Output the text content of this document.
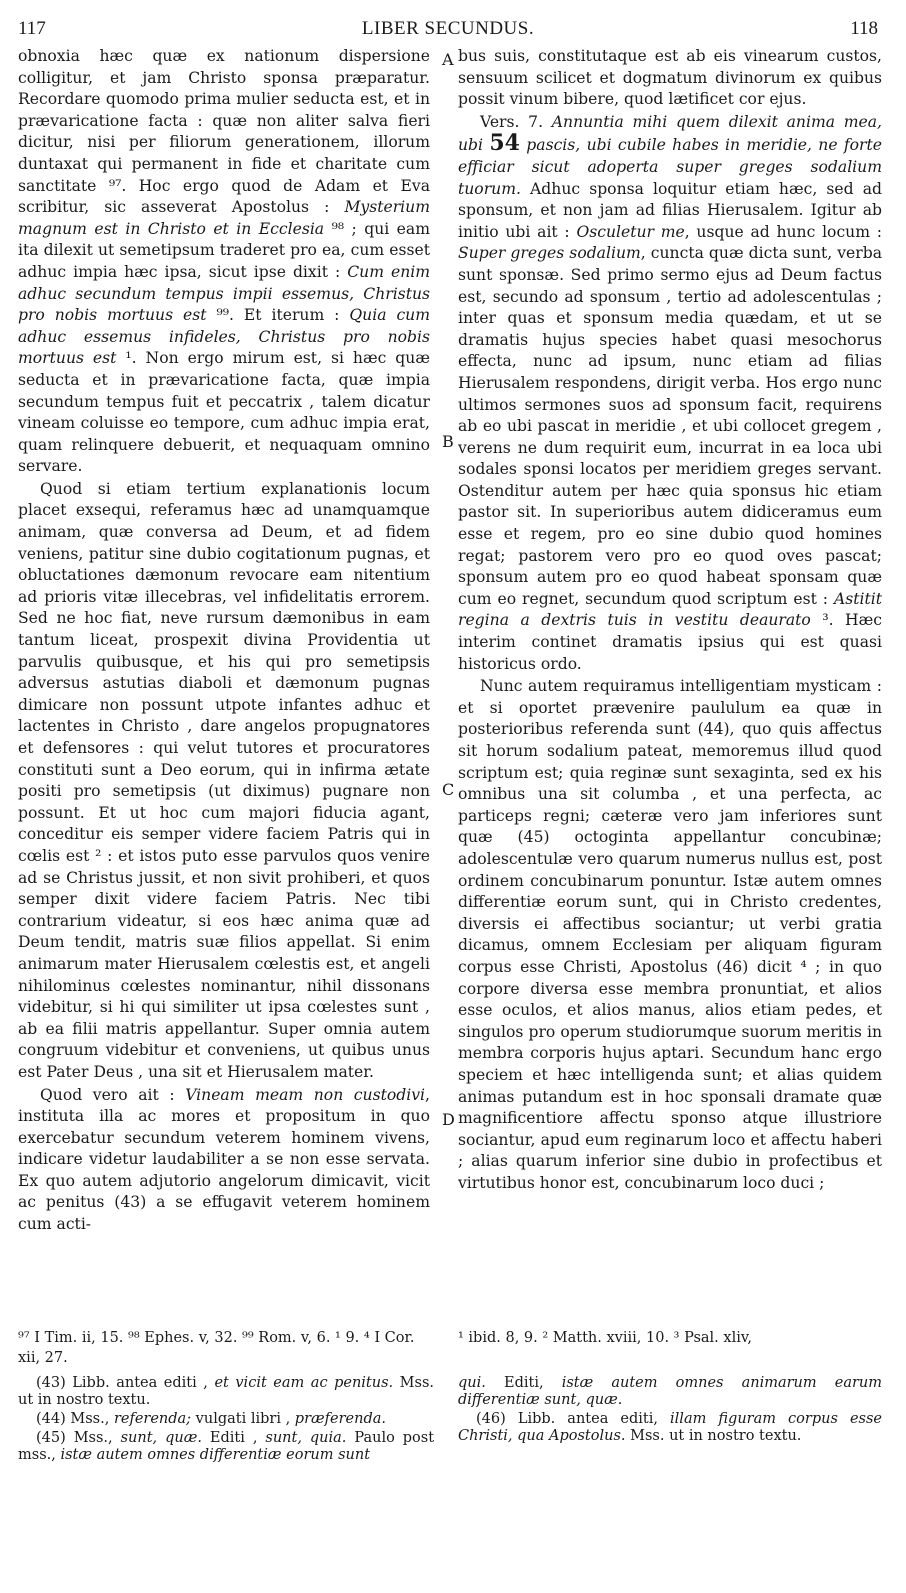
117	LIBER SECUNDUS.	118
A
B
C
D

obnoxia hæc quæ ex nationum dispersione colligitur, et jam Christo sponsa præparatur. Recordare quomodo prima mulier seducta est, et in prævaricatione facta : quæ non aliter salva fieri dicitur, nisi per filiorum generationem, illorum duntaxat qui permanent in fide et charitate cum sanctitate ⁹⁷. Hoc ergo quod de Adam et Eva scribitur, sic asseverat Apostolus : Mysterium magnum est in Christo et in Ecclesia ⁹⁸ ; qui eam ita dilexit ut semetipsum traderet pro ea, cum esset adhuc impia hæc ipsa, sicut ipse dixit : Cum enim adhuc secundum tempus impii essemus, Christus pro nobis mortuus est ⁹⁹. Et iterum : Quia cum adhuc essemus infideles, Christus pro nobis mortuus est ¹. Non ergo mirum est, si hæc quæ seducta et in prævaricatione facta, quæ impia secundum tempus fuit et peccatrix , talem dicatur vineam coluisse eo tempore, cum adhuc impia erat, quam relinquere debuerit, et nequaquam omnino servare.

Quod si etiam tertium explanationis locum placet exsequi, referamus hæc ad unamquamque animam, quæ conversa ad Deum, et ad fidem veniens, patitur sine dubio cogitationum pugnas, et obluctationes dæmonum revocare eam nitentium ad prioris vitæ illecebras, vel infidelitatis errorem. Sed ne hoc fiat, neve rursum dæmonibus in eam tantum liceat, prospexit divina Providentia ut parvulis quibusque, et his qui pro semetipsis adversus astutias diaboli et dæmonum pugnas dimicare non possunt utpote infantes adhuc et lactentes in Christo , dare angelos propugnatores et defensores : qui velut tutores et procuratores constituti sunt a Deo eorum, qui in infirma ætate positi pro semetipsis (ut diximus) pugnare non possunt. Et ut hoc cum majori fiducia agant, conceditur eis semper videre faciem Patris qui in cœlis est ² : et istos puto esse parvulos quos venire ad se Christus jussit, et non sivit prohiberi, et quos semper dixit videre faciem Patris. Nec tibi contrarium videatur, si eos hæc anima quæ ad Deum tendit, matris suæ filios appellat. Si enim animarum mater Hierusalem cœlestis est, et angeli nihilominus cœlestes nominantur, nihil dissonans videbitur, si hi qui similiter ut ipsa cœlestes sunt , ab ea filii matris appellantur. Super omnia autem congruum videbitur et conveniens, ut quibus unus est Pater Deus , una sit et Hierusalem mater.

Quod vero ait : Vineam meam non custodivi, instituta illa ac mores et propositum in quo exercebatur secundum veterem hominem vivens, indicare videtur laudabiliter a se non esse servata. Ex quo autem adjutorio angelorum dimicavit, vicit ac penitus (43) a se effugavit veterem hominem cum acti-

bus suis, constitutaque est ab eis vinearum custos, sensuum scilicet et dogmatum divinorum ex quibus possit vinum bibere, quod lætificet cor ejus.

Vers. 7. Annuntia mihi quem dilexit anima mea, ubi 54 pascis, ubi cubile habes in meridie, ne forte efficiar sicut adoperta super greges sodalium tuorum. Adhuc sponsa loquitur etiam hæc, sed ad sponsum, et non jam ad filias Hierusalem. Igitur ab initio ubi ait : Osculetur me, usque ad hunc locum : Super greges sodalium, cuncta quæ dicta sunt, verba sunt sponsæ. Sed primo sermo ejus ad Deum factus est, secundo ad sponsum , tertio ad adolescentulas ; inter quas et sponsum media quædam, et ut se dramatis hujus species habet quasi mesochorus effecta, nunc ad ipsum, nunc etiam ad filias Hierusalem respondens, dirigit verba. Hos ergo nunc ultimos sermones suos ad sponsum facit, requirens ab eo ubi pascat in meridie , et ubi collocet gregem , verens ne dum requirit eum, incurrat in ea loca ubi sodales sponsi locatos per meridiem greges servant. Ostenditur autem per hæc quia sponsus hic etiam pastor sit. In superioribus autem didiceramus eum esse et regem, pro eo sine dubio quod homines regat; pastorem vero pro eo quod oves pascat; sponsum autem pro eo quod habeat sponsam quæ cum eo regnet, secundum quod scriptum est : Astitit regina a dextris tuis in vestitu deaurato ³. Hæc interim continet dramatis ipsius qui est quasi historicus ordo.

Nunc autem requiramus intelligentiam mysticam : et si oportet prævenire paululum ea quæ in posterioribus referenda sunt (44), quo quis affectus sit horum sodalium pateat, memoremus illud quod scriptum est; quia reginæ sunt sexaginta, sed ex his omnibus una sit columba , et una perfecta, ac particeps regni; cæteræ vero jam inferiores sunt quæ (45) octoginta appellantur concubinæ; adolescentulæ vero quarum numerus nullus est, post ordinem concubinarum ponuntur. Istæ autem omnes differentiæ eorum sunt, qui in Christo credentes, diversis ei affectibus sociantur; ut verbi gratia dicamus, omnem Ecclesiam per aliquam figuram corpus esse Christi, Apostolus (46) dicit ⁴ ; in quo corpore diversa esse membra pronuntiat, et alios esse oculos, et alios manus, alios etiam pedes, et singulos pro operum studiorumque suorum meritis in membra corporis hujus aptari. Secundum hanc ergo speciem et hæc intelligenda sunt; et alias quidem animas putandum est in hoc sponsali dramate quæ magnificentiore affectu sponso atque illustriore sociantur, apud eum reginarum loco et affectu haberi ; alias quarum inferior sine dubio in profectibus et virtutibus honor est, concubinarum loco duci ;

⁹⁷ I Tim. ii, 15. ⁹⁸ Ephes. v, 32. ⁹⁹ Rom. v, 6. ¹ 9. ⁴ I Cor. xii, 27.
¹ ibid. 8, 9. ² Matth. xviii, 10. ³ Psal. xliv,

(43) Libb. antea editi , et vicit eam ac penitus. Mss. ut in nostro textu.

(44) Mss., referenda; vulgati libri , præferenda.

(45) Mss., sunt, quæ. Editi , sunt, quia. Paulo post mss., istæ autem omnes differentiæ eorum sunt

qui. Editi, istæ autem omnes animarum earum differentiæ sunt, quæ.

(46) Libb. antea editi, illam figuram corpus esse Christi, qua Apostolus. Mss. ut in nostro textu.
